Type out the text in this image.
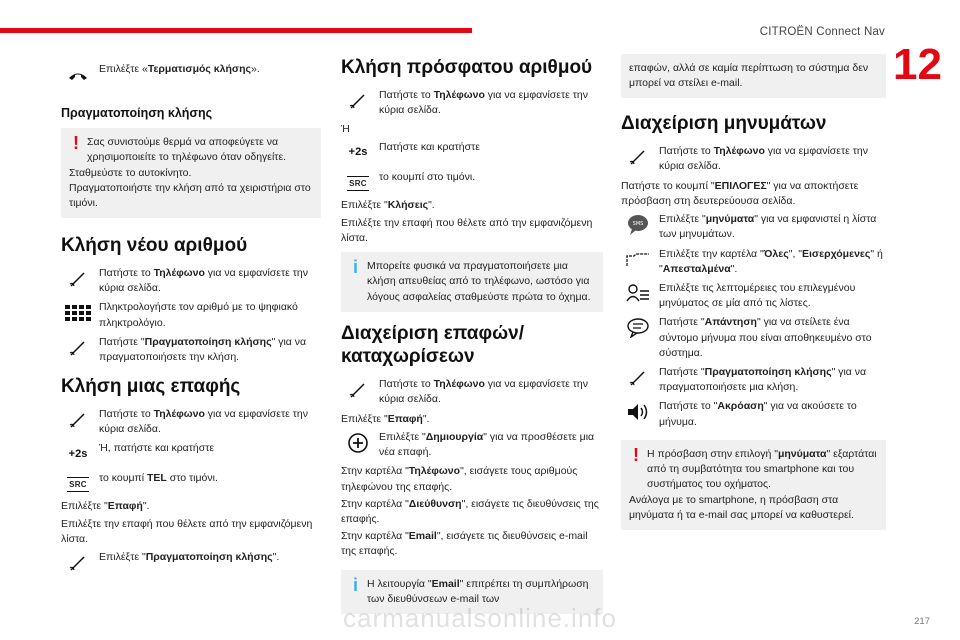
CITROËN Connect Nav
12
Επιλέξτε «Τερματισμός κλήσης».
Πραγματοποίηση κλήσης
! Σας συνιστούμε θερμά να αποφεύγετε να χρησιμοποιείτε το τηλέφωνο όταν οδηγείτε.
Σταθμεύστε το αυτοκίνητο.
Πραγματοποιήστε την κλήση από τα χειριστήρια στο τιμόνι.
Κλήση νέου αριθμού
Πατήστε το Τηλέφωνο για να εμφανίσετε την κύρια σελίδα.
Πληκτρολογήστε τον αριθμό με το ψηφιακό πληκτρολόγιο.
Πατήστε "Πραγματοποίηση κλήσης" για να πραγματοποιήσετε την κλήση.
Κλήση μιας επαφής
Πατήστε το Τηλέφωνο για να εμφανίσετε την κύρια σελίδα.
+2s Ή, πατήστε και κρατήστε
SRC το κουμπί TEL στο τιμόνι.

Επιλέξτε "Επαφή".

Επιλέξτε την επαφή που θέλετε από την εμφανιζόμενη λίστα.

Επιλέξτε "Πραγματοποίηση κλήσης".
Κλήση πρόσφατου αριθμού
Πατήστε το Τηλέφωνο για να εμφανίσετε την κύρια σελίδα.

Ή

+2s Πατήστε και κρατήστε
SRC το κουμπί στο τιμόνι.

Επιλέξτε "Κλήσεις".

Επιλέξτε την επαφή που θέλετε από την εμφανιζόμενη λίστα.

i Μπορείτε φυσικά να πραγματοποιήσετε μια κλήση απευθείας από το τηλέφωνο, ωστόσο για λόγους ασφαλείας σταθμεύστε πρώτα το όχημα.
Διαχείριση επαφών/ καταχωρίσεων
Πατήστε το Τηλέφωνο για να εμφανίσετε την κύρια σελίδα.

Επιλέξτε "Επαφή".

Επιλέξτε "Δημιουργία" για να προσθέσετε μια νέα επαφή.

Στην καρτέλα "Τηλέφωνο", εισάγετε τους αριθμούς τηλεφώνου της επαφής.

Στην καρτέλα "Διεύθυνση", εισάγετε τις διευθύνσεις της επαφής.

Στην καρτέλα "Email", εισάγετε τις διευθύνσεις e-mail της επαφής.

i Η λειτουργία "Email" επιτρέπει τη συμπλήρωση των διευθύνσεων e-mail των
επαφών, αλλά σε καμία περίπτωση το σύστημα δεν μπορεί να στείλει e-mail.
Διαχείριση μηνυμάτων
Πατήστε το Τηλέφωνο για να εμφανίσετε την κύρια σελίδα.

Πατήστε το κουμπί "ΕΠΙΛΟΓΕΣ" για να αποκτήσετε πρόσβαση στη δευτερεύουσα σελίδα.

SMS Επιλέξτε "μηνύματα" για να εμφανιστεί η λίστα των μηνυμάτων.
Επιλέξτε την καρτέλα "Όλες", "Εισερχόμενες" ή "Απεσταλμένα".
Επιλέξτε τις λεπτομέρειες του επιλεγμένου μηνύματος σε μία από τις λίστες.
Πατήστε "Απάντηση" για να στείλετε ένα σύντομο μήνυμα που είναι αποθηκευμένο στο σύστημα.
Πατήστε "Πραγματοποίηση κλήσης" για να πραγματοποιήσετε μια κλήση.
Πατήστε το "Ακρόαση" για να ακούσετε το μήνυμα.
! Η πρόσβαση στην επιλογή "μηνύματα" εξαρτάται από τη συμβατότητα του smartphone και του συστήματος του οχήματος.
Ανάλογα με το smartphone, η πρόσβαση στα μηνύματα ή τα e-mail σας μπορεί να καθυστερεί.
carmanualsonline.info	217
